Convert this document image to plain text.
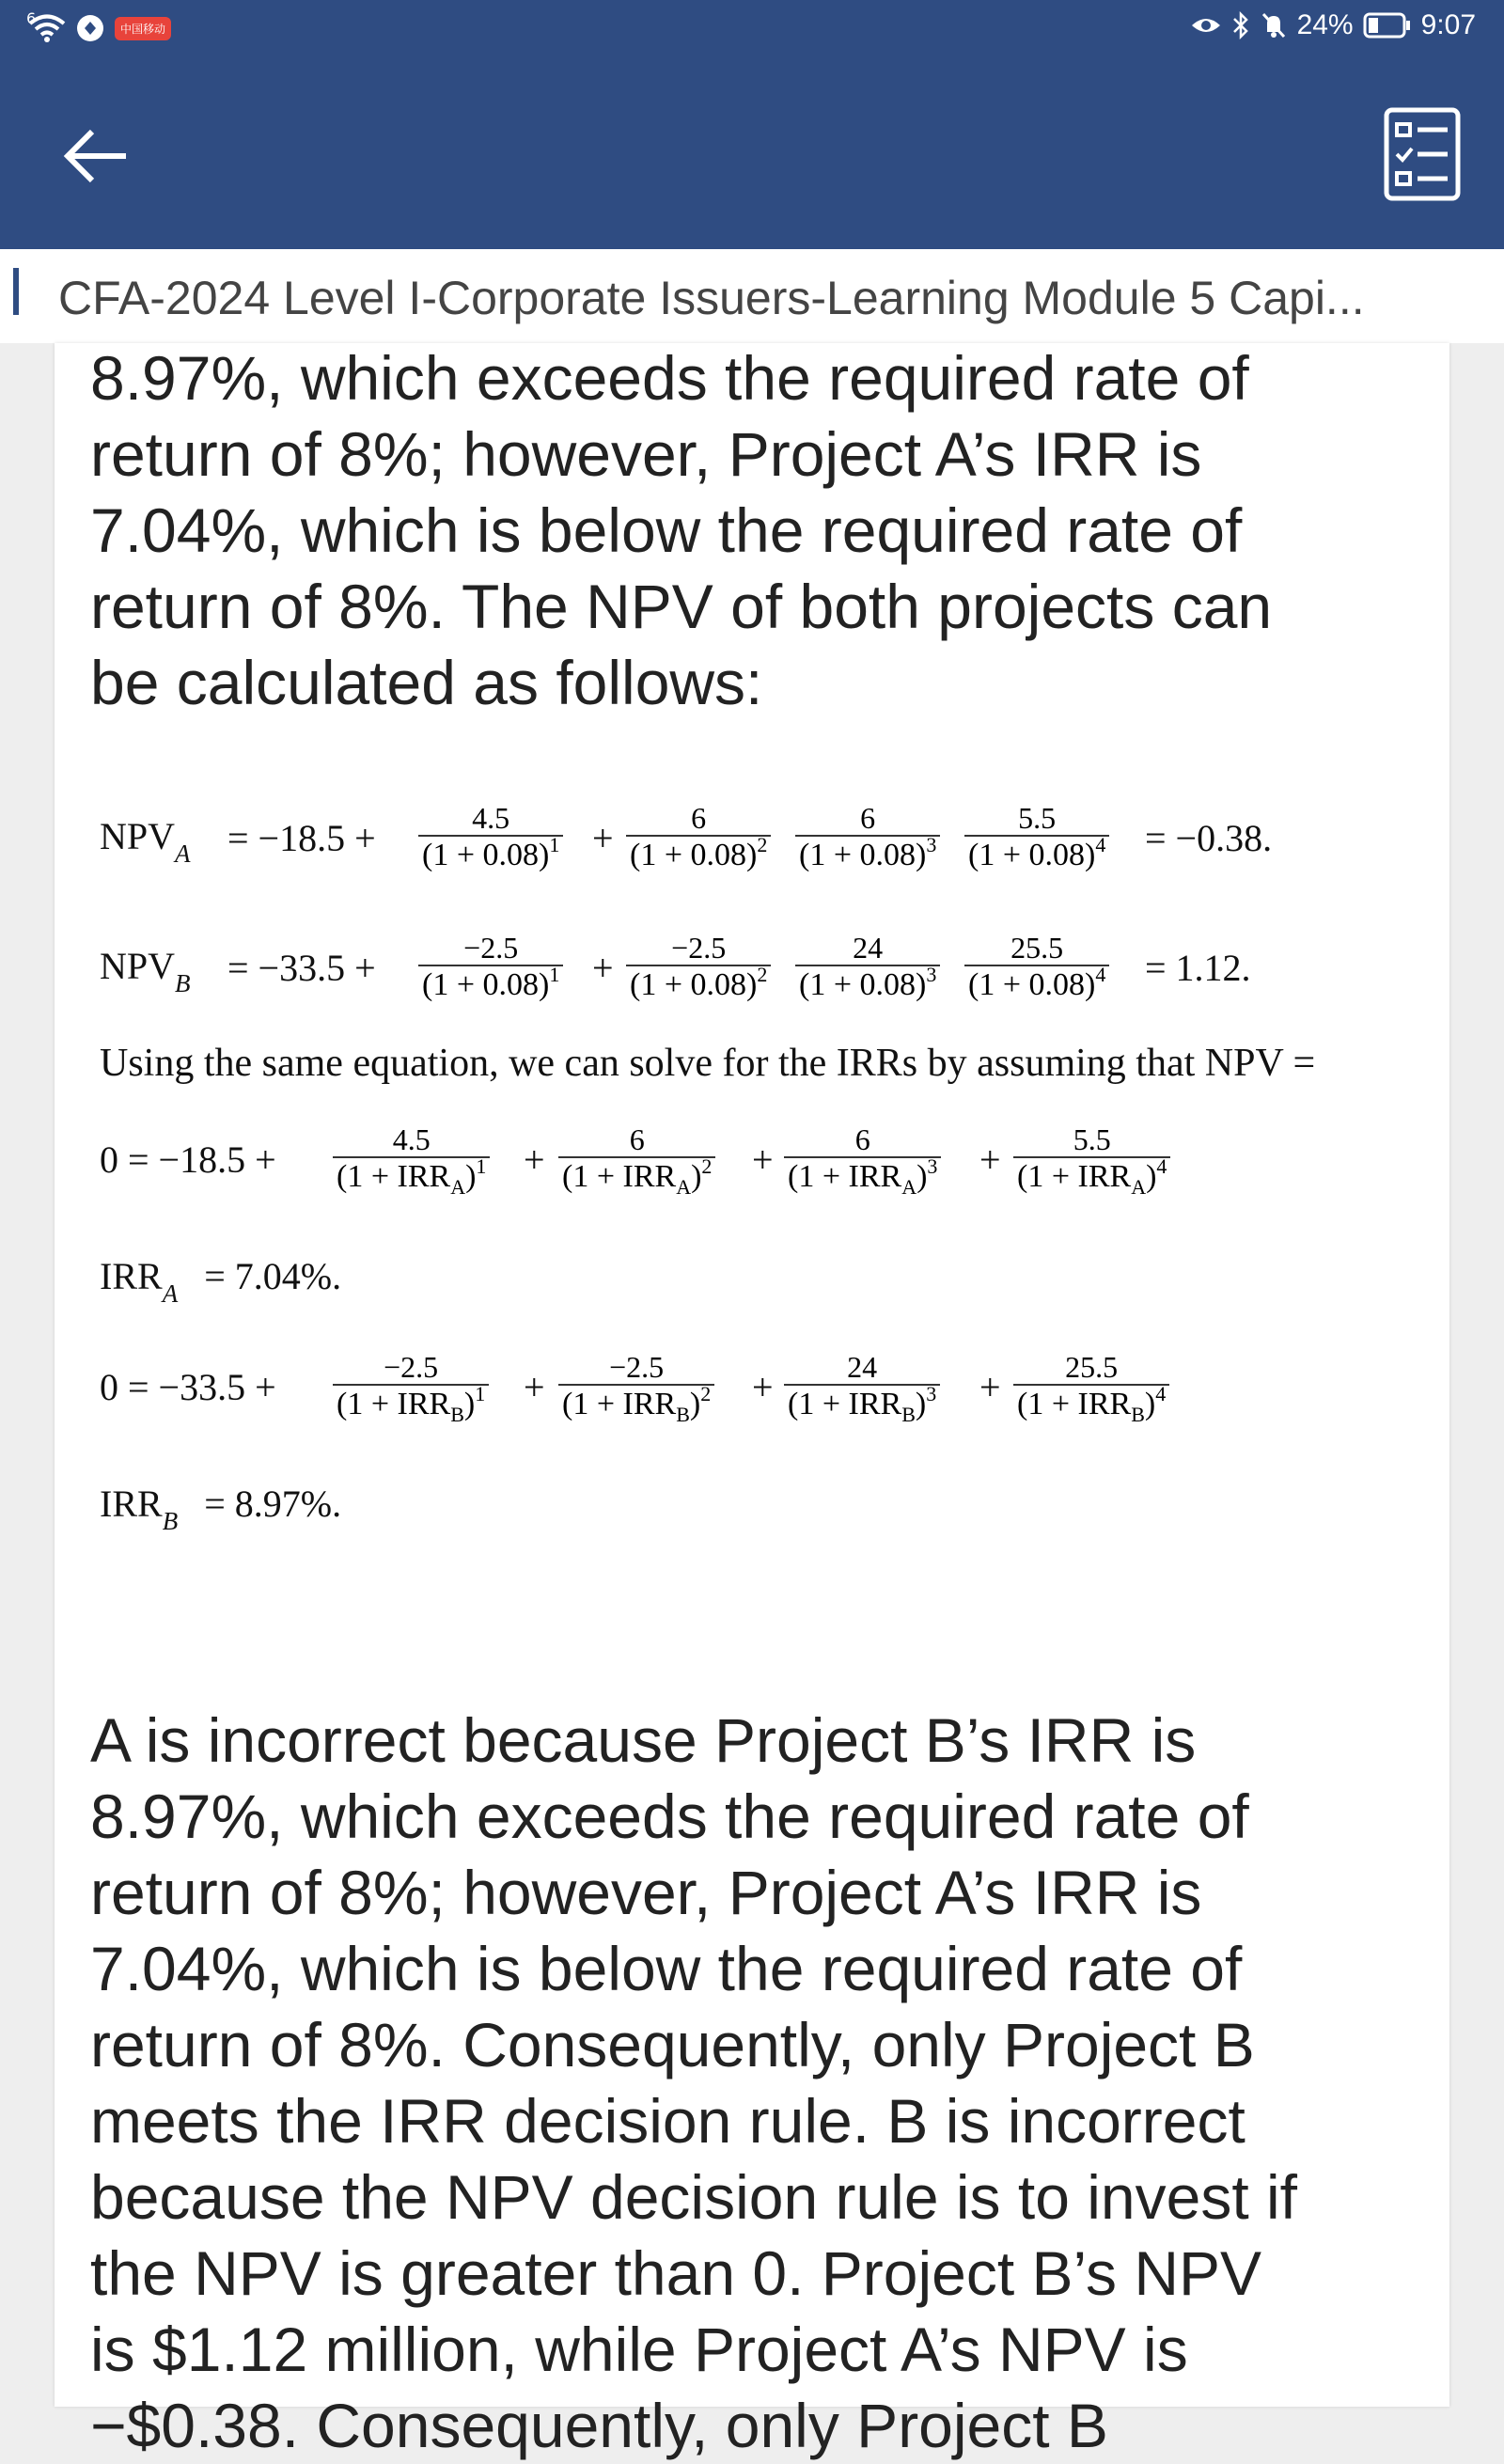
6
中国移动	24% 9:07
CFA-2024 Level I-Corporate Issuers-Learning Module 5 Capi...
8.97%, which exceeds the required rate of
return of 8%; however, Project A’s IRR is
7.04%, which is below the required rate of
return of 8%. The NPV of both projects can
be calculated as follows:
$NPV_A = -18.5 + \frac{4.5}{(1 + 0.08)^1} + \frac{6}{(1 + 0.08)^2} \frac{6}{(1 + 0.08)^3} \frac{5.5}{(1 + 0.08)^4} = -0.38$.
$NPV_B = -33.5 + \frac{-2.5}{(1 + 0.08)^1} + \frac{-2.5}{(1 + 0.08)^2} \frac{24}{(1 + 0.08)^3} \frac{25.5}{(1 + 0.08)^4} = 1.12$.
Using the same equation, we can solve for the IRRs by assuming that NPV =
0 = −18.5 +	4.5
$(1 + IRR_A)^1$ +	6
$(1 + IRR_A)^2$ +	6
$(1 + IRR_A)^3$ +	5.5
$(1 + IRR_A)^4$
$IRR_A = 7.04\%$.
0 = −33.5 +	−2.5
$(1 + IRR_B)^1$ +	−2.5
$(1 + IRR_B)^2$ +	24
$(1 + IRR_B)^3$ +	25.5
$(1 + IRR_B)^4$
$IRR_B = 8.97\%$.
A is incorrect because Project B’s IRR is
8.97%, which exceeds the required rate of
return of 8%; however, Project A’s IRR is
7.04%, which is below the required rate of
return of 8%. Consequently, only Project B
meets the IRR decision rule. B is incorrect
because the NPV decision rule is to invest if
the NPV is greater than 0. Project B’s NPV
is $1.12 million, while Project A’s NPV is
−$0.38. Consequently, only Project B
